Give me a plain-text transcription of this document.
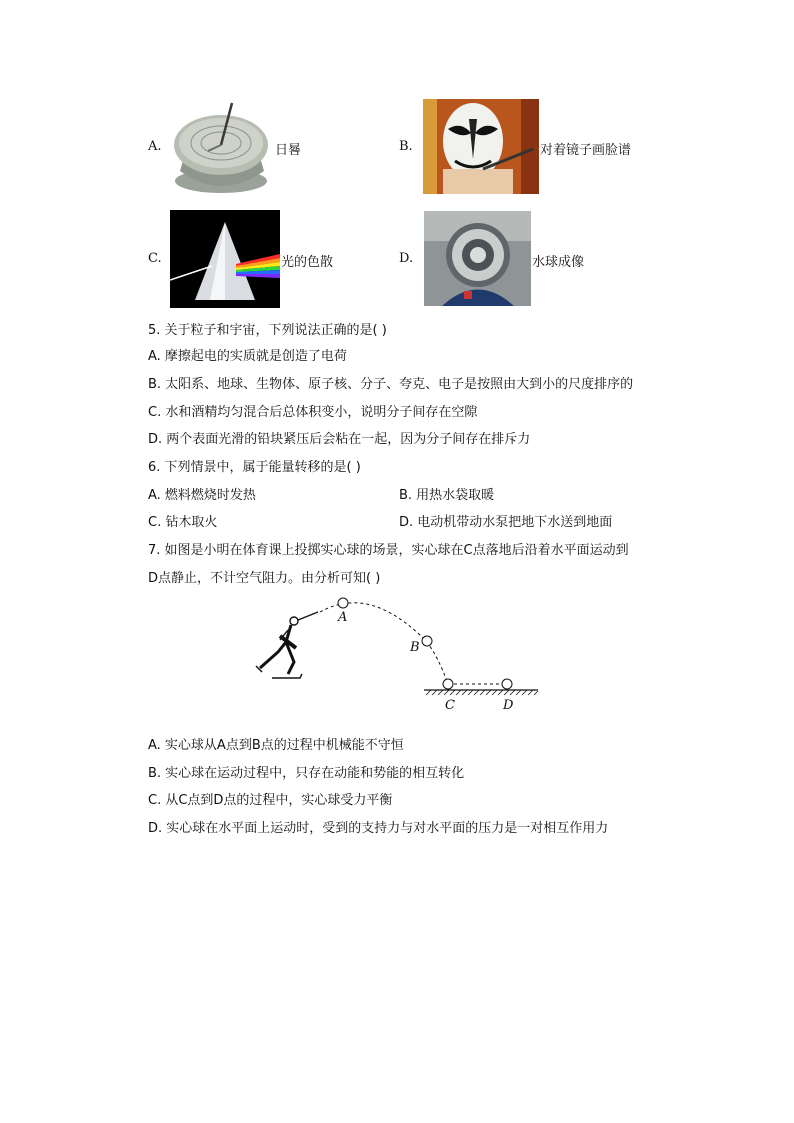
A.	日晷	B.	对着镜子画脸谱
C.	光的色散	D.	水球成像
5. 关于粒子和宇宙，下列说法正确的是( )
A. 摩擦起电的实质就是创造了电荷
B. 太阳系、地球、生物体、原子核、分子、夸克、电子是按照由大到小的尺度排序的
C. 水和酒精均匀混合后总体积变小，说明分子间存在空隙
D. 两个表面光滑的铅块紧压后会粘在一起，因为分子间存在排斥力
6. 下列情景中，属于能量转移的是( )
A. 燃料燃烧时发热	B. 用热水袋取暖
C. 钻木取火	D. 电动机带动水泵把地下水送到地面
7. 如图是小明在体育课上投掷实心球的场景，实心球在C点落地后沿着水平面运动到
D点静止，不计空气阻力。由分析可知( )
A
B
C	D
A. 实心球从A点到B点的过程中机械能不守恒
B. 实心球在运动过程中，只存在动能和势能的相互转化
C. 从C点到D点的过程中，实心球受力平衡
D. 实心球在水平面上运动时，受到的支持力与对水平面的压力是一对相互作用力
